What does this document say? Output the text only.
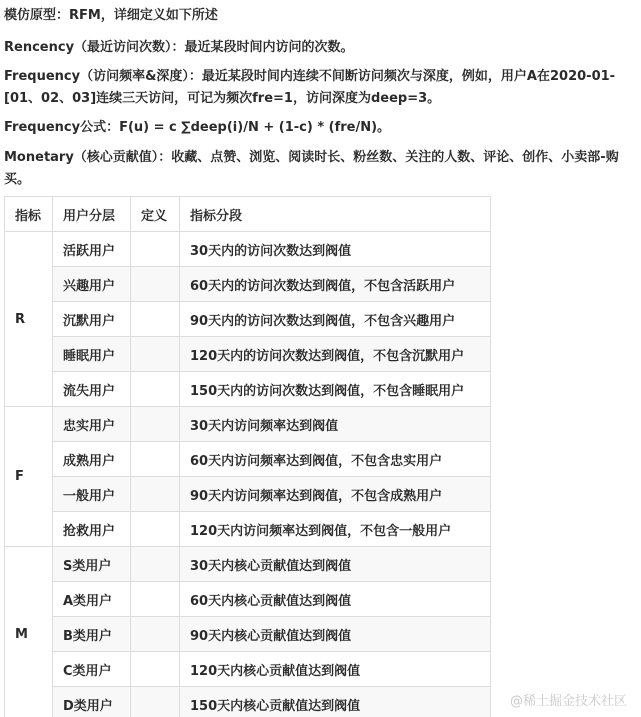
模仿原型：RFM，详细定义如下所述

Rencency（最近访问次数）：最近某段时间内访问的次数。

Frequency（访问频率&深度）：最近某段时间内连续不间断访问频次与深度，例如，用户A在2020-01-[01、02、03]连续三天访问，可记为频次fre=1，访问深度为deep=3。

Frequency公式：F(u) = c ∑deep(i)/N + (1-c) * (fre/N)。

Monetary（核心贡献值）：收藏、点赞、浏览、阅读时长、粉丝数、关注的人数、评论、创作、小卖部-购买。

指标	用户分层	定义	指标分段
R	活跃用户		30天内的访问次数达到阀值
	兴趣用户		60天内的访问次数达到阀值，不包含活跃用户
	沉默用户		90天内的访问次数达到阀值，不包含兴趣用户
	睡眠用户		120天内的访问次数达到阀值，不包含沉默用户
	流失用户		150天内的访问次数达到阀值，不包含睡眠用户
F	忠实用户		30天内访问频率达到阀值
	成熟用户		60天内访问频率达到阀值，不包含忠实用户
	一般用户		90天内访问频率达到阀值，不包含成熟用户
	抢救用户		120天内访问频率达到阀值，不包含一般用户
M	S类用户		30天内核心贡献值达到阀值
	A类用户		60天内核心贡献值达到阀值
	B类用户		90天内核心贡献值达到阀值
	C类用户		120天内核心贡献值达到阀值
	D类用户		150天内核心贡献值达到阀值	@稀土掘金技术社区
